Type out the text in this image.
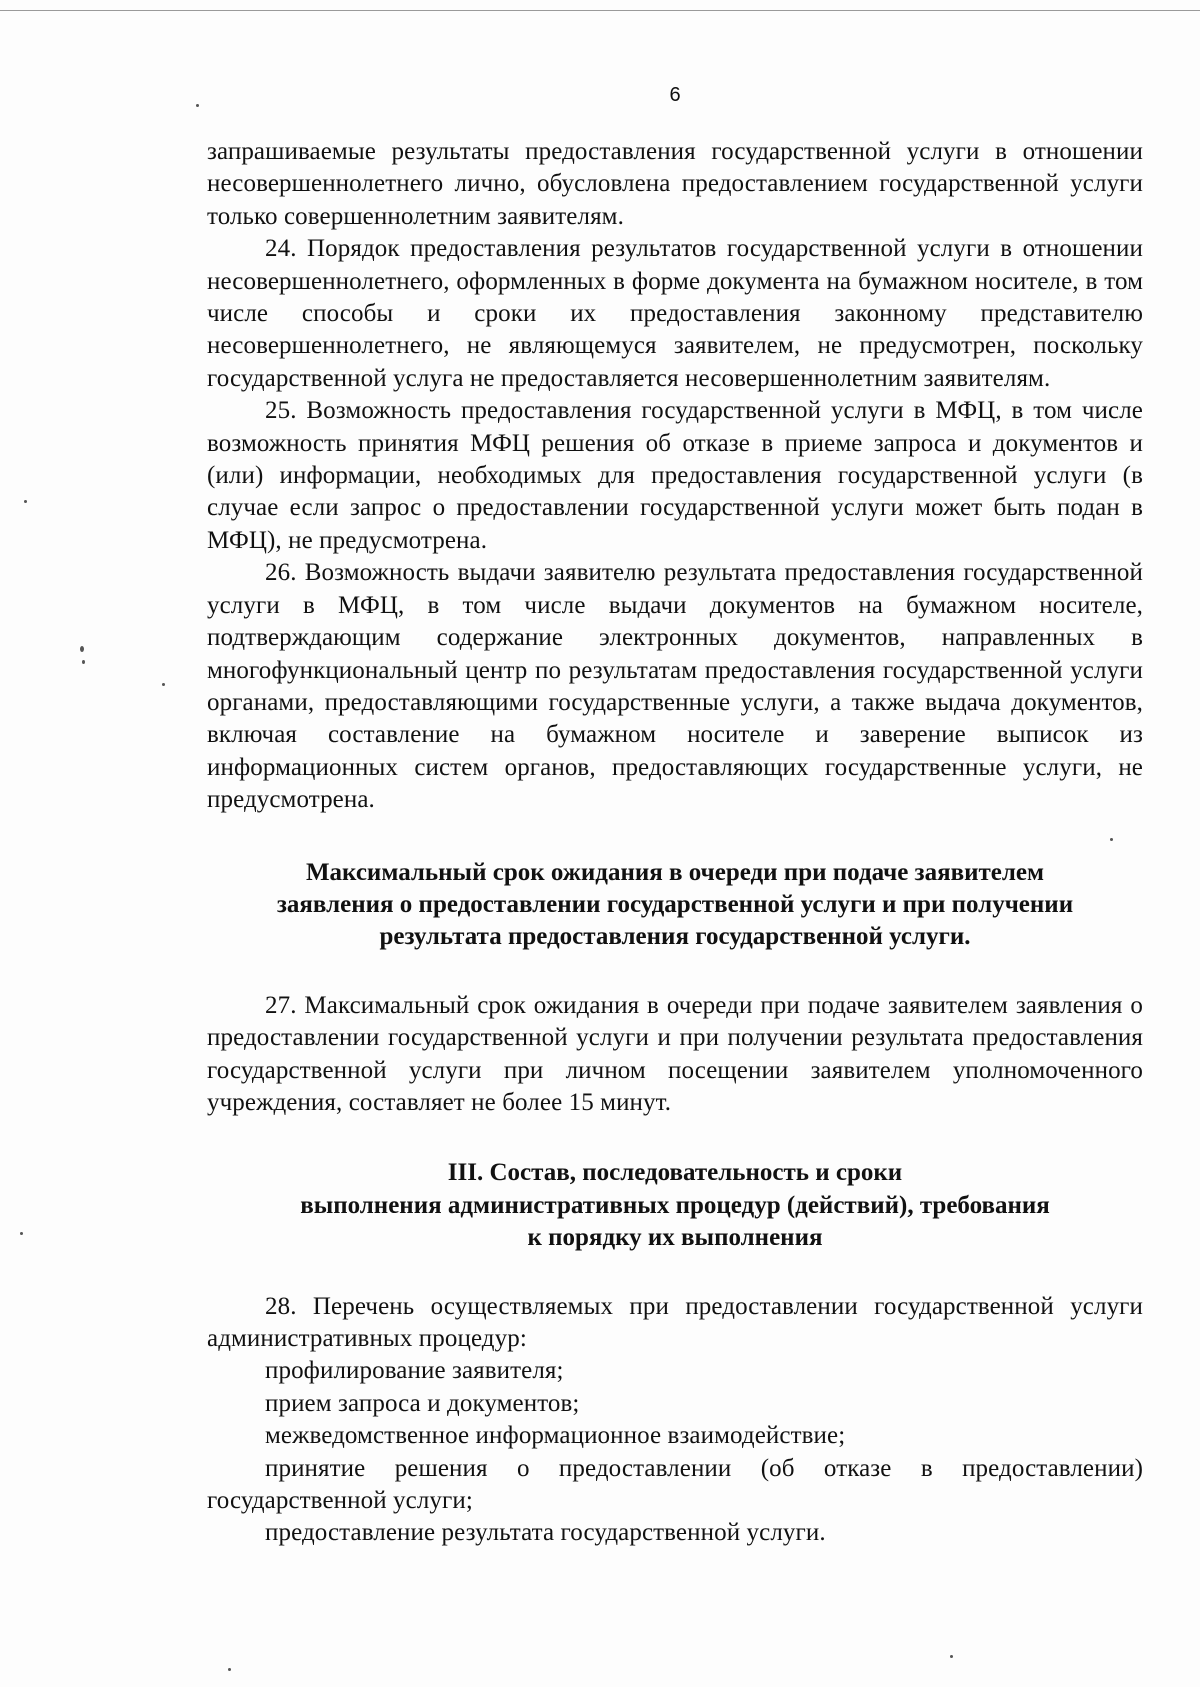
6

запрашиваемые результаты предоставления государственной услуги в отношении несовершеннолетнего лично, обусловлена предоставлением государственной услуги только совершеннолетним заявителям.

24. Порядок предоставления результатов государственной услуги в отношении несовершеннолетнего, оформленных в форме документа на бумажном носителе, в том числе способы и сроки их предоставления законному представителю несовершеннолетнего, не являющемуся заявителем, не предусмотрен, поскольку государственной услуга не предоставляется несовершеннолетним заявителям.

25. Возможность предоставления государственной услуги в МФЦ, в том числе возможность принятия МФЦ решения об отказе в приеме запроса и документов и (или) информации, необходимых для предоставления государственной услуги (в случае если запрос о предоставлении государственной услуги может быть подан в МФЦ), не предусмотрена.

26. Возможность выдачи заявителю результата предоставления государственной услуги в МФЦ, в том числе выдачи документов на бумажном носителе, подтверждающим содержание электронных документов, направленных в многофункциональный центр по результатам предоставления государственной услуги органами, предоставляющими государственные услуги, а также выдача документов, включая составление на бумажном носителе и заверение выписок из информационных систем органов, предоставляющих государственные услуги, не предусмотрена.

Максимальный срок ожидания в очереди при подаче заявителем
заявления о предоставлении государственной услуги и при получении
результата предоставления государственной услуги.

27. Максимальный срок ожидания в очереди при подаче заявителем заявления о предоставлении государственной услуги и при получении результата предоставления государственной услуги при личном посещении заявителем уполномоченного учреждения, составляет не более 15 минут.

III. Состав, последовательность и сроки
выполнения административных процедур (действий), требования
к порядку их выполнения

28. Перечень осуществляемых при предоставлении государственной услуги административных процедур:

профилирование заявителя;

прием запроса и документов;

межведомственное информационное взаимодействие;

принятие решения о предоставлении (об отказе в предоставлении) государственной услуги;

предоставление результата государственной услуги.
